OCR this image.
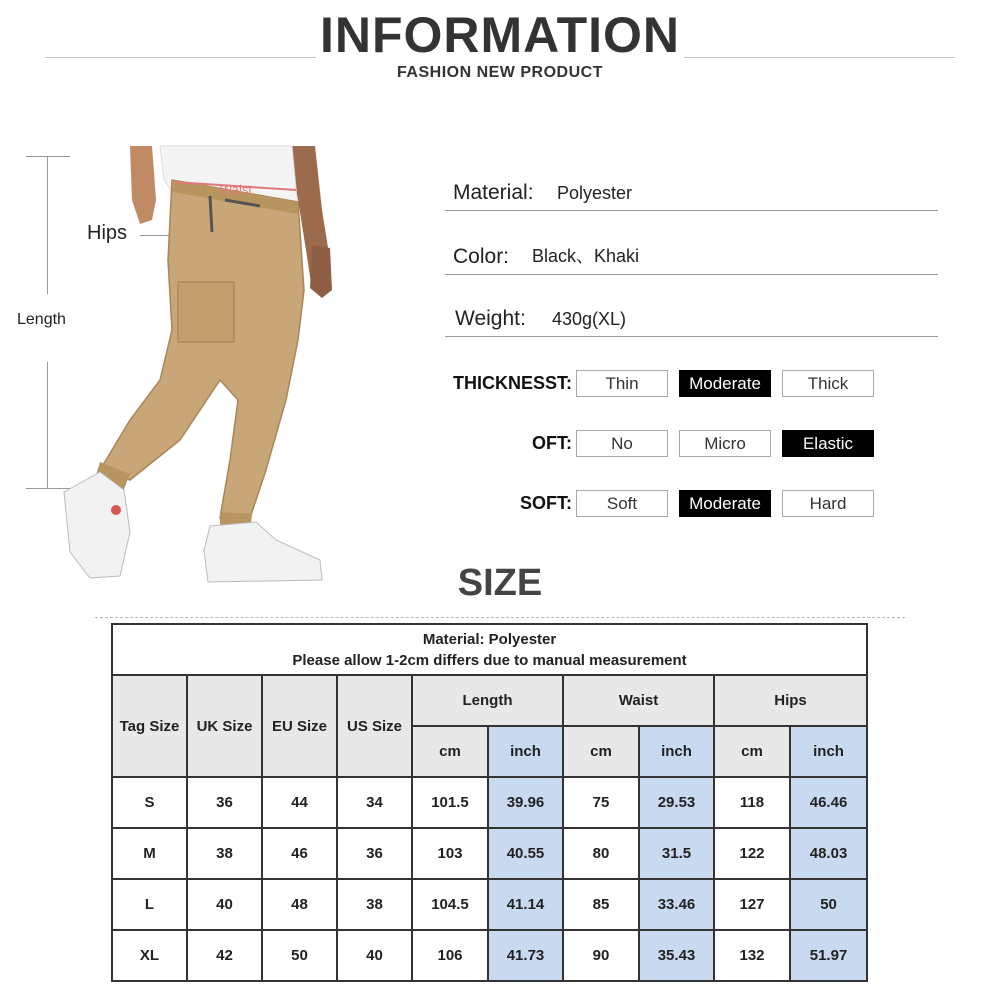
INFORMATION
FASHION NEW PRODUCT
Length
Hips
Waist	Material: Polyester
Color: Black、Khaki
Weight: 430g(XL)
THICKNESST:	Thin	Moderate	Thick
OFT:	No	Micro	Elastic
SOFT:	Soft	Moderate	Hard
SIZE
Material: Polyester
Please allow 1-2cm differs due to manual measurement									

Tag Size	UK Size	EU Size	US Size	Length		Waist		Hips	
				cm	inch	cm	inch	cm	inch
S	36	44	34	101.5	39.96	75	29.53	118	46.46
M	38	46	36	103	40.55	80	31.5	122	48.03
L	40	48	38	104.5	41.14	85	33.46	127	50
XL	42	50	40	106	41.73	90	35.43	132	51.97
